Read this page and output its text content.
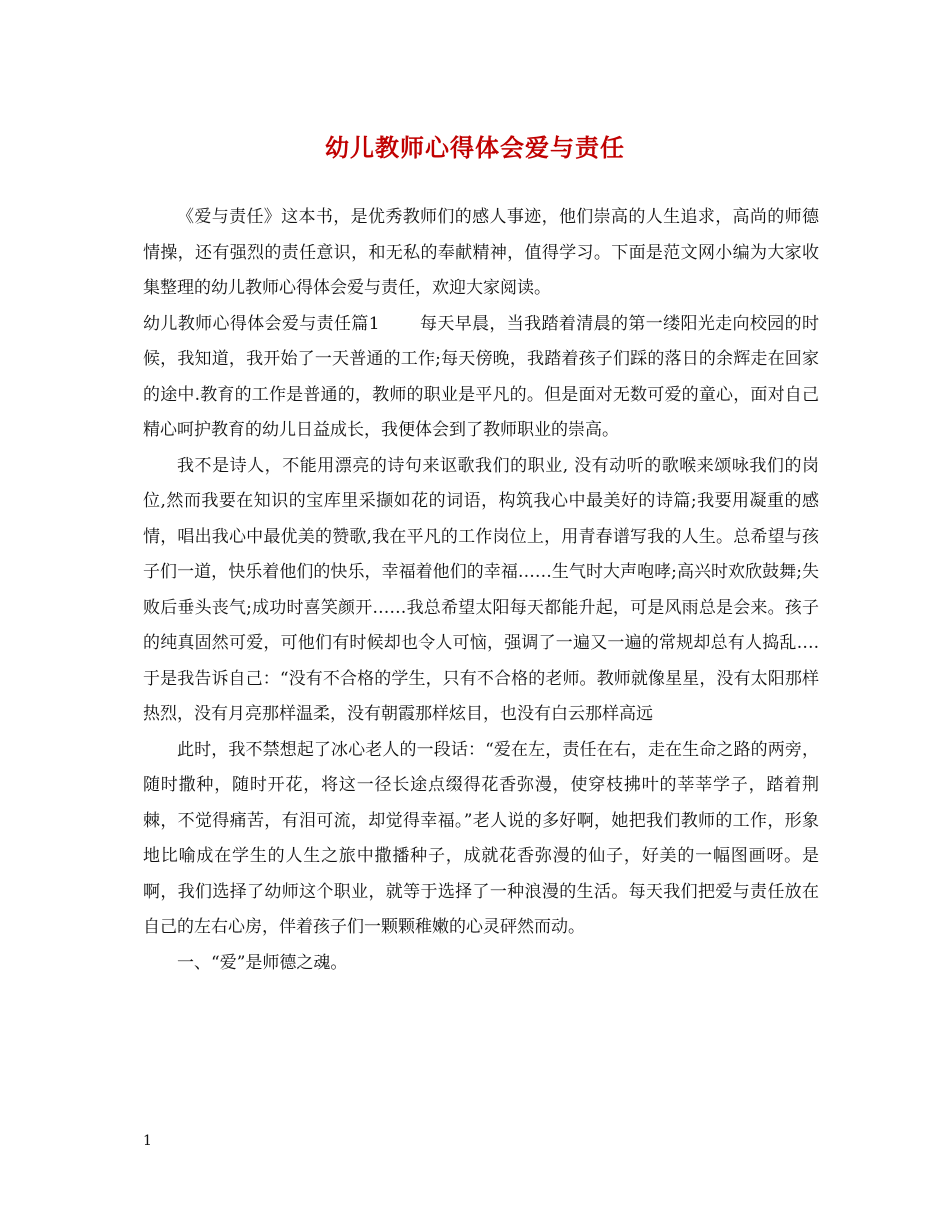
幼儿教师心得体会爱与责任

《爱与责任》这本书，是优秀教师们的感人事迹，他们崇高的人生追求，高尚的师德情操，还有强烈的责任意识，和无私的奉献精神，值得学习。下面是范文网小编为大家收集整理的幼儿教师心得体会爱与责任，欢迎大家阅读。

幼儿教师心得体会爱与责任篇1 每天早晨，当我踏着清晨的第一缕阳光走向校园的时候，我知道，我开始了一天普通的工作;每天傍晚，我踏着孩子们踩的落日的余辉走在回家的途中.教育的工作是普通的，教师的职业是平凡的。但是面对无数可爱的童心，面对自己精心呵护教育的幼儿日益成长，我便体会到了教师职业的崇高。

我不是诗人，不能用漂亮的诗句来讴歌我们的职业, 没有动听的歌喉来颂咏我们的岗位,然而我要在知识的宝库里采撷如花的词语，构筑我心中最美好的诗篇;我要用凝重的感情，唱出我心中最优美的赞歌,我在平凡的工作岗位上，用青春谱写我的人生。总希望与孩子们一道，快乐着他们的快乐，幸福着他们的幸福……生气时大声咆哮;高兴时欢欣鼓舞;失败后垂头丧气;成功时喜笑颜开……我总希望太阳每天都能升起，可是风雨总是会来。孩子的纯真固然可爱，可他们有时候却也令人可恼，强调了一遍又一遍的常规却总有人捣乱….于是我告诉自己：“没有不合格的学生，只有不合格的老师。教师就像星星，没有太阳那样热烈，没有月亮那样温柔，没有朝霞那样炫目，也没有白云那样高远

此时，我不禁想起了冰心老人的一段话：“爱在左，责任在右，走在生命之路的两旁，随时撒种，随时开花，将这一径长途点缀得花香弥漫，使穿枝拂叶的莘莘学子，踏着荆棘，不觉得痛苦，有泪可流，却觉得幸福。”老人说的多好啊，她把我们教师的工作，形象地比喻成在学生的人生之旅中撒播种子，成就花香弥漫的仙子，好美的一幅图画呀。是啊，我们选择了幼师这个职业，就等于选择了一种浪漫的生活。每天我们把爱与责任放在自己的左右心房，伴着孩子们一颗颗稚嫩的心灵砰然而动。

一、“爱”是师德之魂。

1
